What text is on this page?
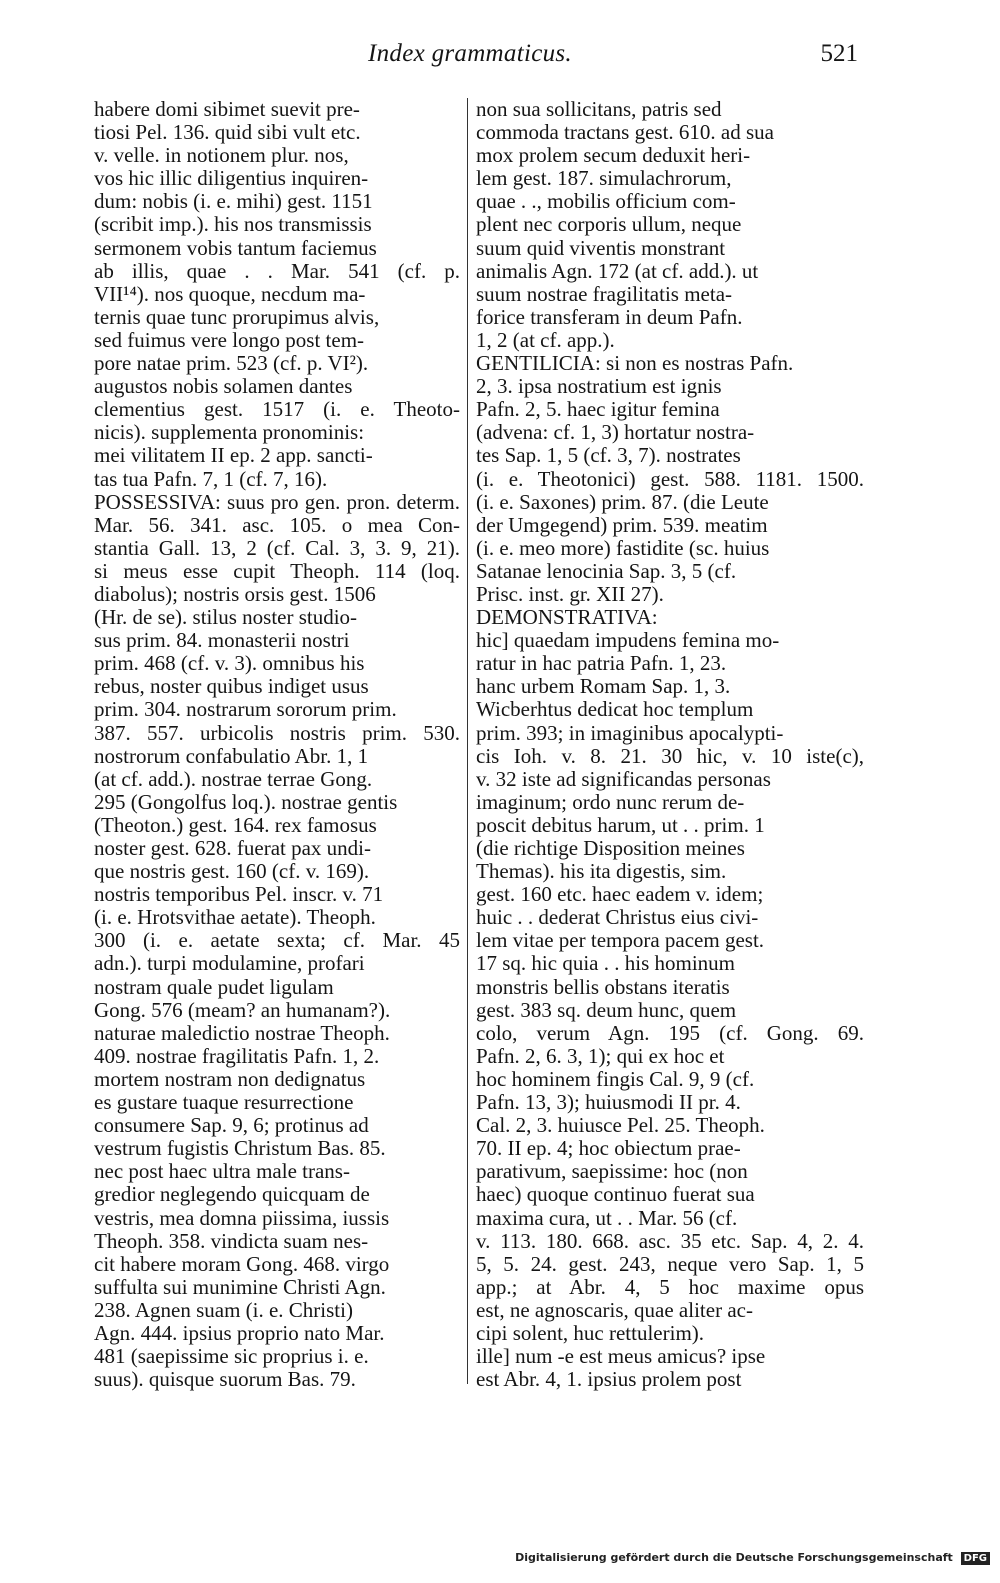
Index grammaticus.	521
habere domi sibimet suevit pre-
tiosi Pel. 136. quid sibi vult etc.
v. velle. in notionem plur. nos,
vos hic illic diligentius inquiren-
dum: nobis (i. e. mihi) gest. 1151
(scribit imp.). his nos transmissis
sermonem vobis tantum faciemus
ab illis, quae . . Mar. 541 (cf. p.
VII¹⁴). nos quoque, necdum ma-
ternis quae tunc prorupimus alvis,
sed fuimus vere longo post tem-
pore natae prim. 523 (cf. p. VI²).
augustos nobis solamen dantes
clementius gest. 1517 (i. e. Theoto-
nicis). supplementa pronominis:
mei vilitatem II ep. 2 app. sancti-
tas tua Pafn. 7, 1 (cf. 7, 16).
POSSESSIVA: suus pro gen. pron. determ.
Mar. 56. 341. asc. 105. o mea Con-
stantia Gall. 13, 2 (cf. Cal. 3, 3. 9, 21).
si meus esse cupit Theoph. 114 (loq.
diabolus); nostris orsis gest. 1506
(Hr. de se). stilus noster studio-
sus prim. 84. monasterii nostri
prim. 468 (cf. v. 3). omnibus his
rebus, noster quibus indiget usus
prim. 304. nostrarum sororum prim.
387. 557. urbicolis nostris prim. 530.
nostrorum confabulatio Abr. 1, 1
(at cf. add.). nostrae terrae Gong.
295 (Gongolfus loq.). nostrae gentis
(Theoton.) gest. 164. rex famosus
noster gest. 628. fuerat pax undi-
que nostris gest. 160 (cf. v. 169).
nostris temporibus Pel. inscr. v. 71
(i. e. Hrotsvithae aetate). Theoph.
300 (i. e. aetate sexta; cf. Mar. 45
adn.). turpi modulamine, profari
nostram quale pudet ligulam
Gong. 576 (meam? an humanam?).
naturae maledictio nostrae Theoph.
409. nostrae fragilitatis Pafn. 1, 2.
mortem nostram non dedignatus
es gustare tuaque resurrectione
consumere Sap. 9, 6; protinus ad
vestrum fugistis Christum Bas. 85.
nec post haec ultra male trans-
gredior neglegendo quicquam de
vestris, mea domna piissima, iussis
Theoph. 358. vindicta suam nes-
cit habere moram Gong. 468. virgo
suffulta sui munimine Christi Agn.
238. Agnen suam (i. e. Christi)
Agn. 444. ipsius proprio nato Mar.
481 (saepissime sic proprius i. e.
suus). quisque suorum Bas. 79.
non sua sollicitans, patris sed
commoda tractans gest. 610. ad sua
mox prolem secum deduxit heri-
lem gest. 187. simulachrorum,
quae . ., mobilis officium com-
plent nec corporis ullum, neque
suum quid viventis monstrant
animalis Agn. 172 (at cf. add.). ut
suum nostrae fragilitatis meta-
forice transferam in deum Pafn.
1, 2 (at cf. app.).
GENTILICIA: si non es nostras Pafn.
2, 3. ipsa nostratium est ignis
Pafn. 2, 5. haec igitur femina
(advena: cf. 1, 3) hortatur nostra-
tes Sap. 1, 5 (cf. 3, 7). nostrates
(i. e. Theotonici) gest. 588. 1181. 1500.
(i. e. Saxones) prim. 87. (die Leute
der Umgegend) prim. 539. meatim
(i. e. meo more) fastidite (sc. huius
Satanae lenocinia Sap. 3, 5 (cf.
Prisc. inst. gr. XII 27).
DEMONSTRATIVA:
hic] quaedam impudens femina mo-
ratur in hac patria Pafn. 1, 23.
hanc urbem Romam Sap. 1, 3.
Wicberhtus dedicat hoc templum
prim. 393; in imaginibus apocalypti-
cis Ioh. v. 8. 21. 30 hic, v. 10 iste(c),
v. 32 iste ad significandas personas
imaginum; ordo nunc rerum de-
poscit debitus harum, ut . . prim. 1
(die richtige Disposition meines
Themas). his ita digestis, sim.
gest. 160 etc. haec eadem v. idem;
huic . . dederat Christus eius civi-
lem vitae per tempora pacem gest.
17 sq. hic quia . . his hominum
monstris bellis obstans iteratis
gest. 383 sq. deum hunc, quem
colo, verum Agn. 195 (cf. Gong. 69.
Pafn. 2, 6. 3, 1); qui ex hoc et
hoc hominem fingis Cal. 9, 9 (cf.
Pafn. 13, 3); huiusmodi II pr. 4.
Cal. 2, 3. huiusce Pel. 25. Theoph.
70. II ep. 4; hoc obiectum prae-
parativum, saepissime: hoc (non
haec) quoque continuo fuerat sua
maxima cura, ut . . Mar. 56 (cf.
v. 113. 180. 668. asc. 35 etc. Sap. 4, 2. 4.
5, 5. 24. gest. 243, neque vero Sap. 1, 5
app.; at Abr. 4, 5 hoc maxime opus
est, ne agnoscaris, quae aliter ac-
cipi solent, huc rettulerim).
ille] num -e est meus amicus? ipse
est Abr. 4, 1. ipsius prolem post
Digitalisierung gefördert durch die Deutsche Forschungsgemeinschaft DFG
